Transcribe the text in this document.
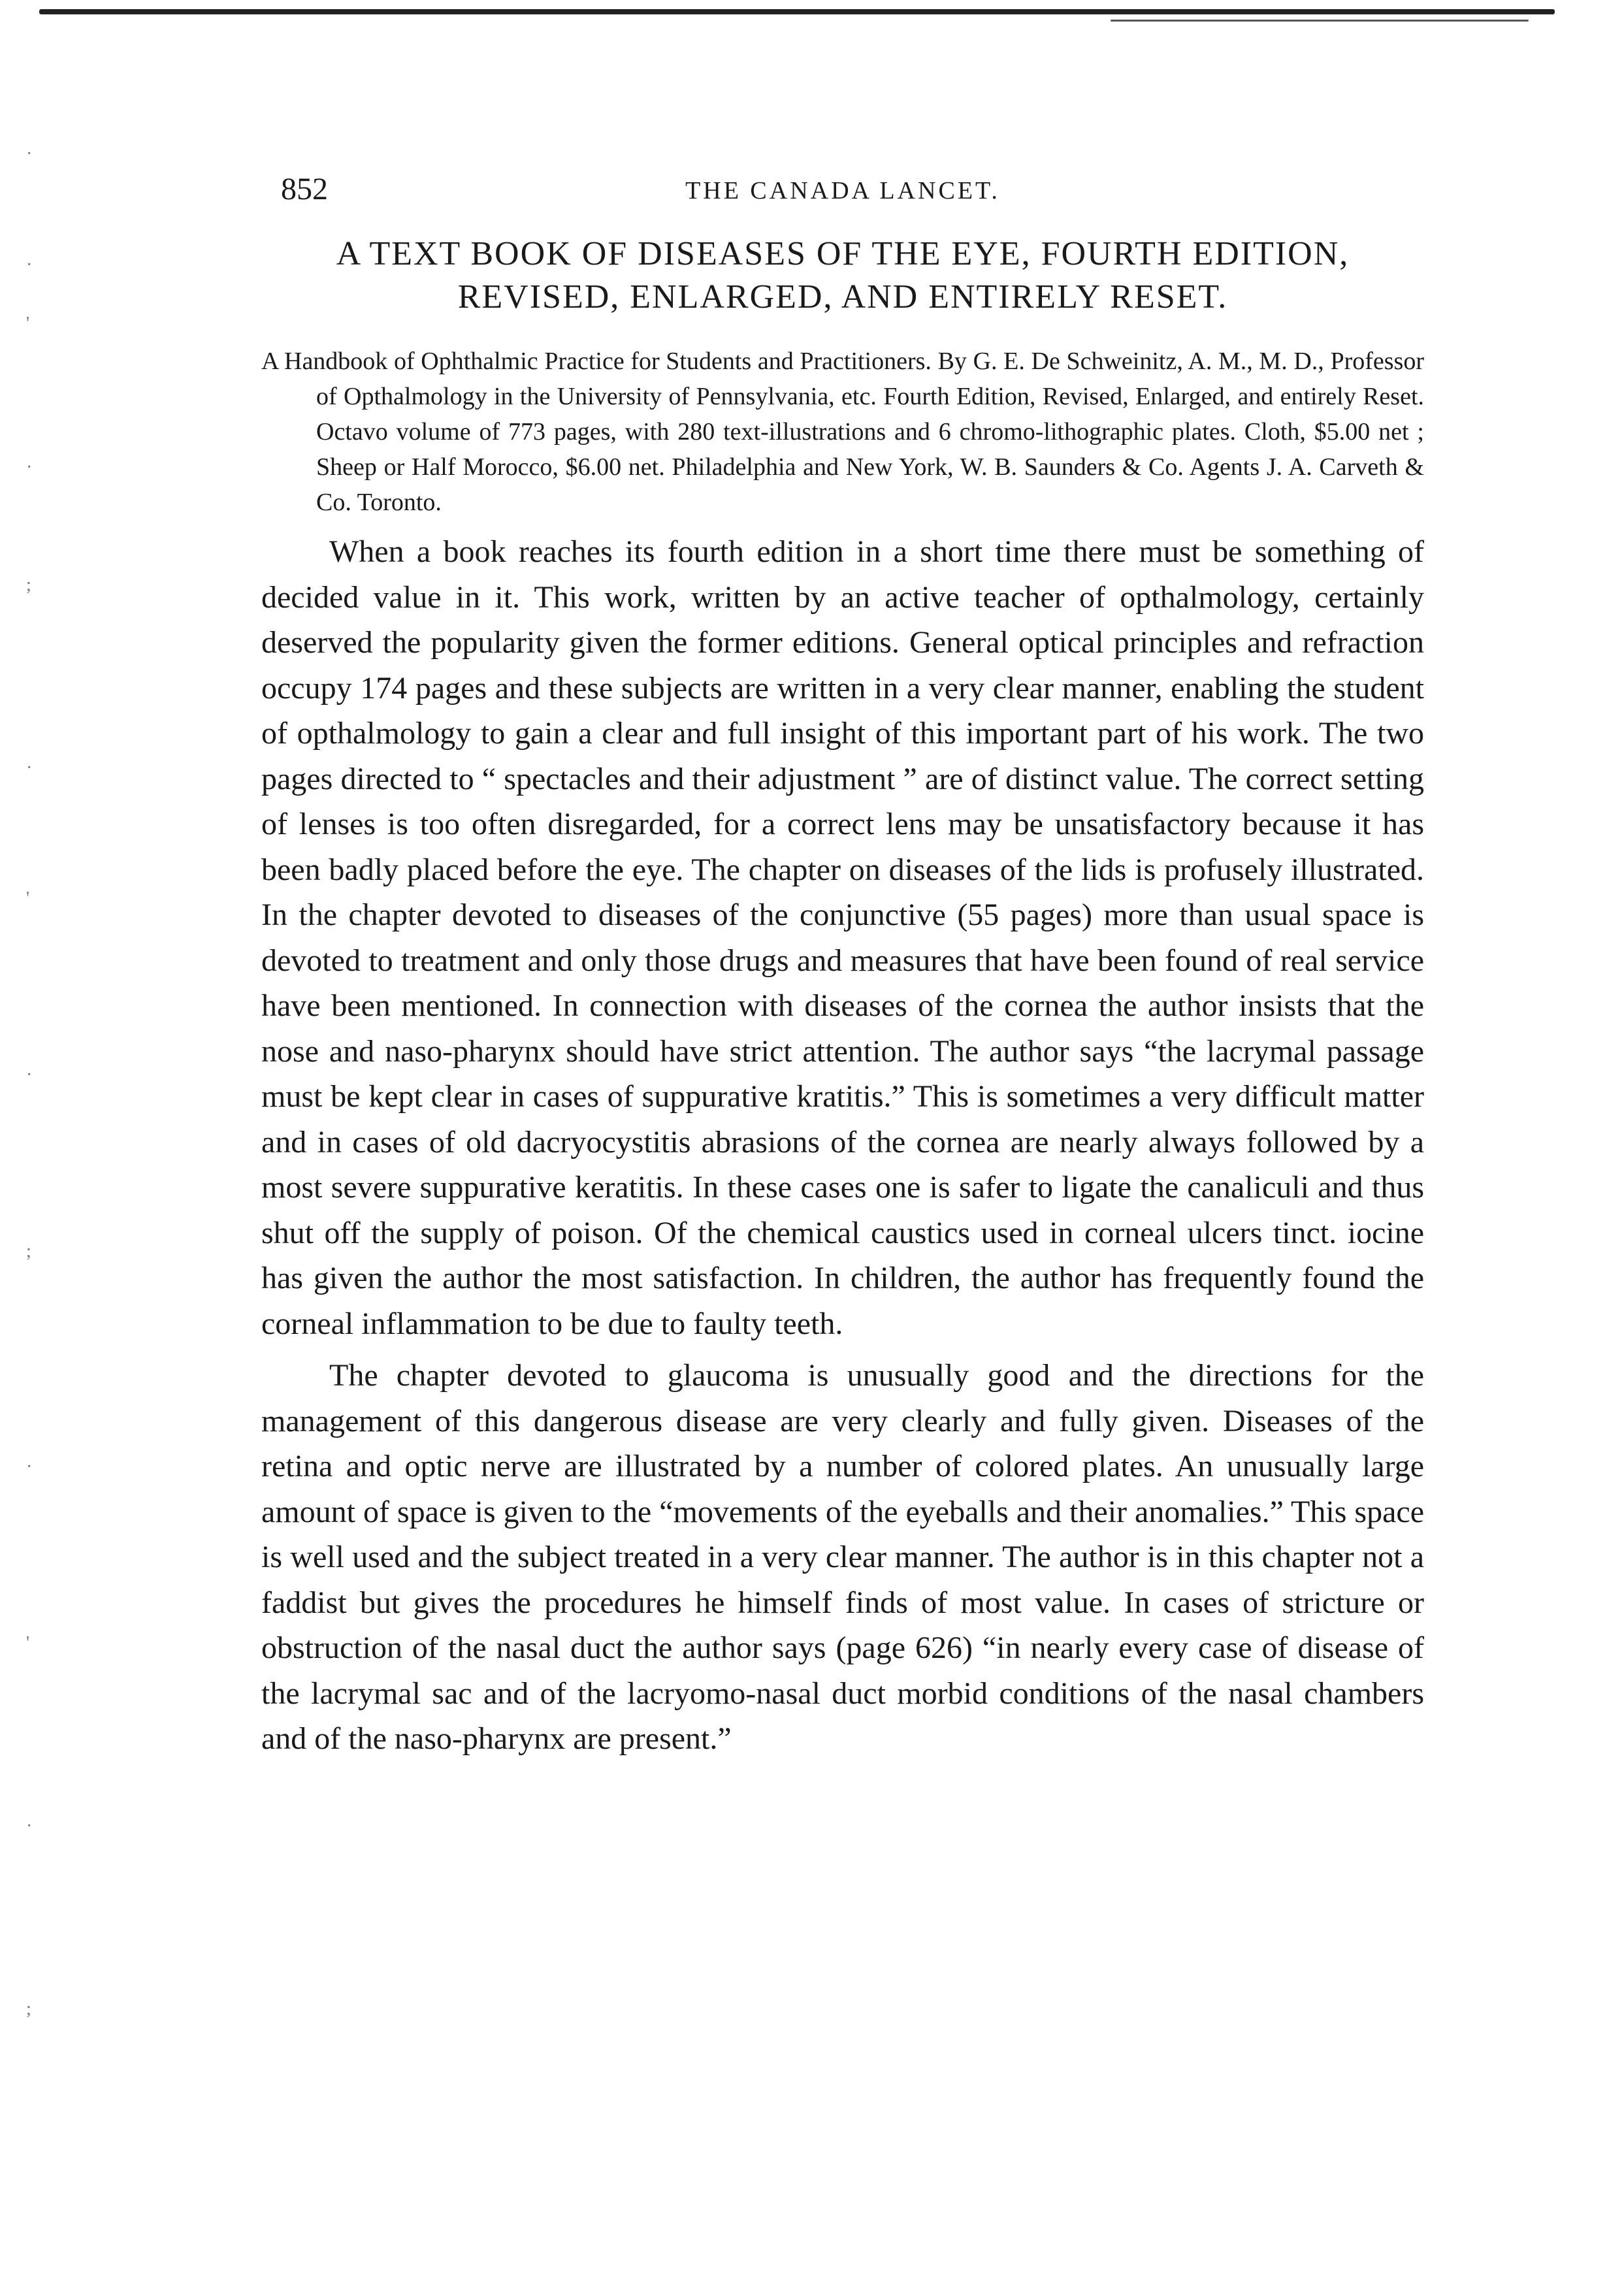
·
·
'
·
;
·
'
·
;
·
'
·
;
852	THE CANADA LANCET.
A TEXT BOOK OF DISEASES OF THE EYE, FOURTH EDITION, REVISED, ENLARGED, AND ENTIRELY RESET.

A Handbook of Ophthalmic Practice for Students and Practitioners. By G. E. De Schweinitz, A. M., M. D., Professor of Opthalmology in the University of Pennsylvania, etc. Fourth Edition, Revised, Enlarged, and entirely Reset. Octavo volume of 773 pages, with 280 text-illustrations and 6 chromo-lithographic plates. Cloth, $5.00 net ; Sheep or Half Morocco, $6.00 net. Philadelphia and New York, W. B. Saunders & Co. Agents J. A. Carveth & Co. Toronto.

When a book reaches its fourth edition in a short time there must be something of decided value in it. This work, written by an active teacher of opthalmology, certainly deserved the popularity given the former editions. General optical principles and refraction occupy 174 pages and these subjects are written in a very clear manner, enabling the student of opthalmology to gain a clear and full insight of this important part of his work. The two pages directed to “ spectacles and their adjustment ” are of distinct value. The correct setting of lenses is too often disregarded, for a correct lens may be unsatisfactory because it has been badly placed before the eye. The chapter on diseases of the lids is profusely illustrated. In the chapter devoted to diseases of the conjunctive (55 pages) more than usual space is devoted to treatment and only those drugs and measures that have been found of real service have been mentioned. In connection with diseases of the cornea the author insists that the nose and naso-pharynx should have strict attention. The author says “the lacrymal passage must be kept clear in cases of suppurative kratitis.” This is sometimes a very difficult matter and in cases of old dacryocystitis abrasions of the cornea are nearly always followed by a most severe suppurative keratitis. In these cases one is safer to ligate the canaliculi and thus shut off the supply of poison. Of the chemical caustics used in corneal ulcers tinct. iocine has given the author the most satisfaction. In children, the author has frequently found the corneal inflammation to be due to faulty teeth.

The chapter devoted to glaucoma is unusually good and the directions for the management of this dangerous disease are very clearly and fully given. Diseases of the retina and optic nerve are illustrated by a number of colored plates. An unusually large amount of space is given to the “movements of the eyeballs and their anomalies.” This space is well used and the subject treated in a very clear manner. The author is in this chapter not a faddist but gives the procedures he himself finds of most value. In cases of stricture or obstruction of the nasal duct the author says (page 626) “in nearly every case of disease of the lacrymal sac and of the lacryomo-nasal duct morbid conditions of the nasal chambers and of the naso-pharynx are present.”
